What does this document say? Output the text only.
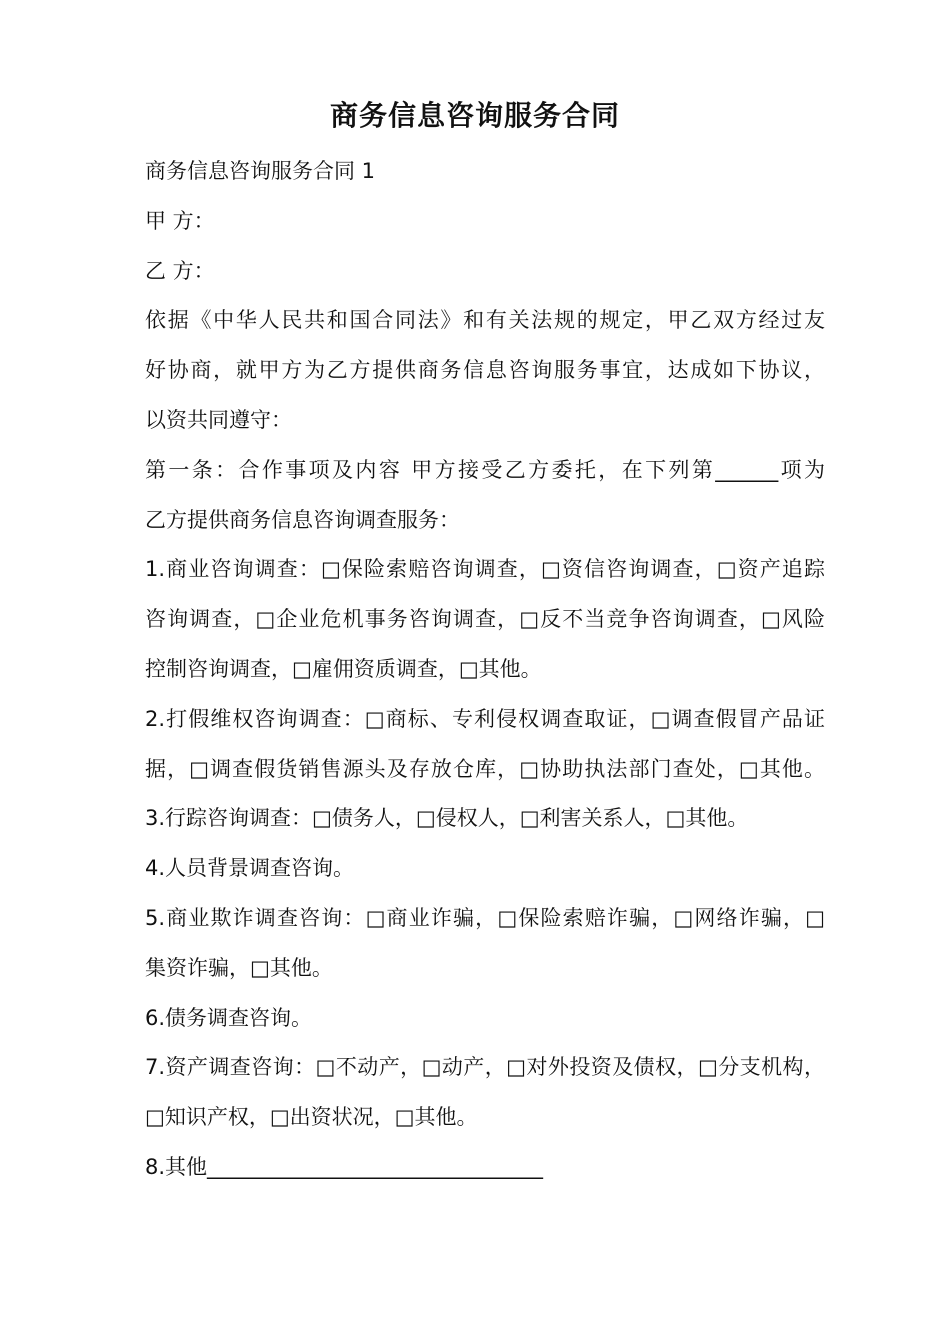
商务信息咨询服务合同
商务信息咨询服务合同 1
甲 方：
乙 方：
依据《中华人民共和国合同法》和有关法规的规定，甲乙双方经过友
好协商，就甲方为乙方提供商务信息咨询服务事宜，达成如下协议，
以资共同遵守：
第一条：合作事项及内容 甲方接受乙方委托，在下列第______项为
乙方提供商务信息咨询调查服务：
1.商业咨询调查：□保险索赔咨询调查，□资信咨询调查，□资产追踪
咨询调查，□企业危机事务咨询调查，□反不当竞争咨询调查，□风险
控制咨询调查，□雇佣资质调查，□其他。
2.打假维权咨询调查：□商标、专利侵权调查取证，□调查假冒产品证
据，□调查假货销售源头及存放仓库，□协助执法部门查处，□其他。
3.行踪咨询调查：□债务人，□侵权人，□利害关系人，□其他。
4.人员背景调查咨询。
5.商业欺诈调查咨询：□商业诈骗，□保险索赔诈骗，□网络诈骗，□
集资诈骗，□其他。
6.债务调查咨询。
7.资产调查咨询：□不动产，□动产，□对外投资及债权，□分支机构，
□知识产权，□出资状况，□其他。
8.其他________________________________
